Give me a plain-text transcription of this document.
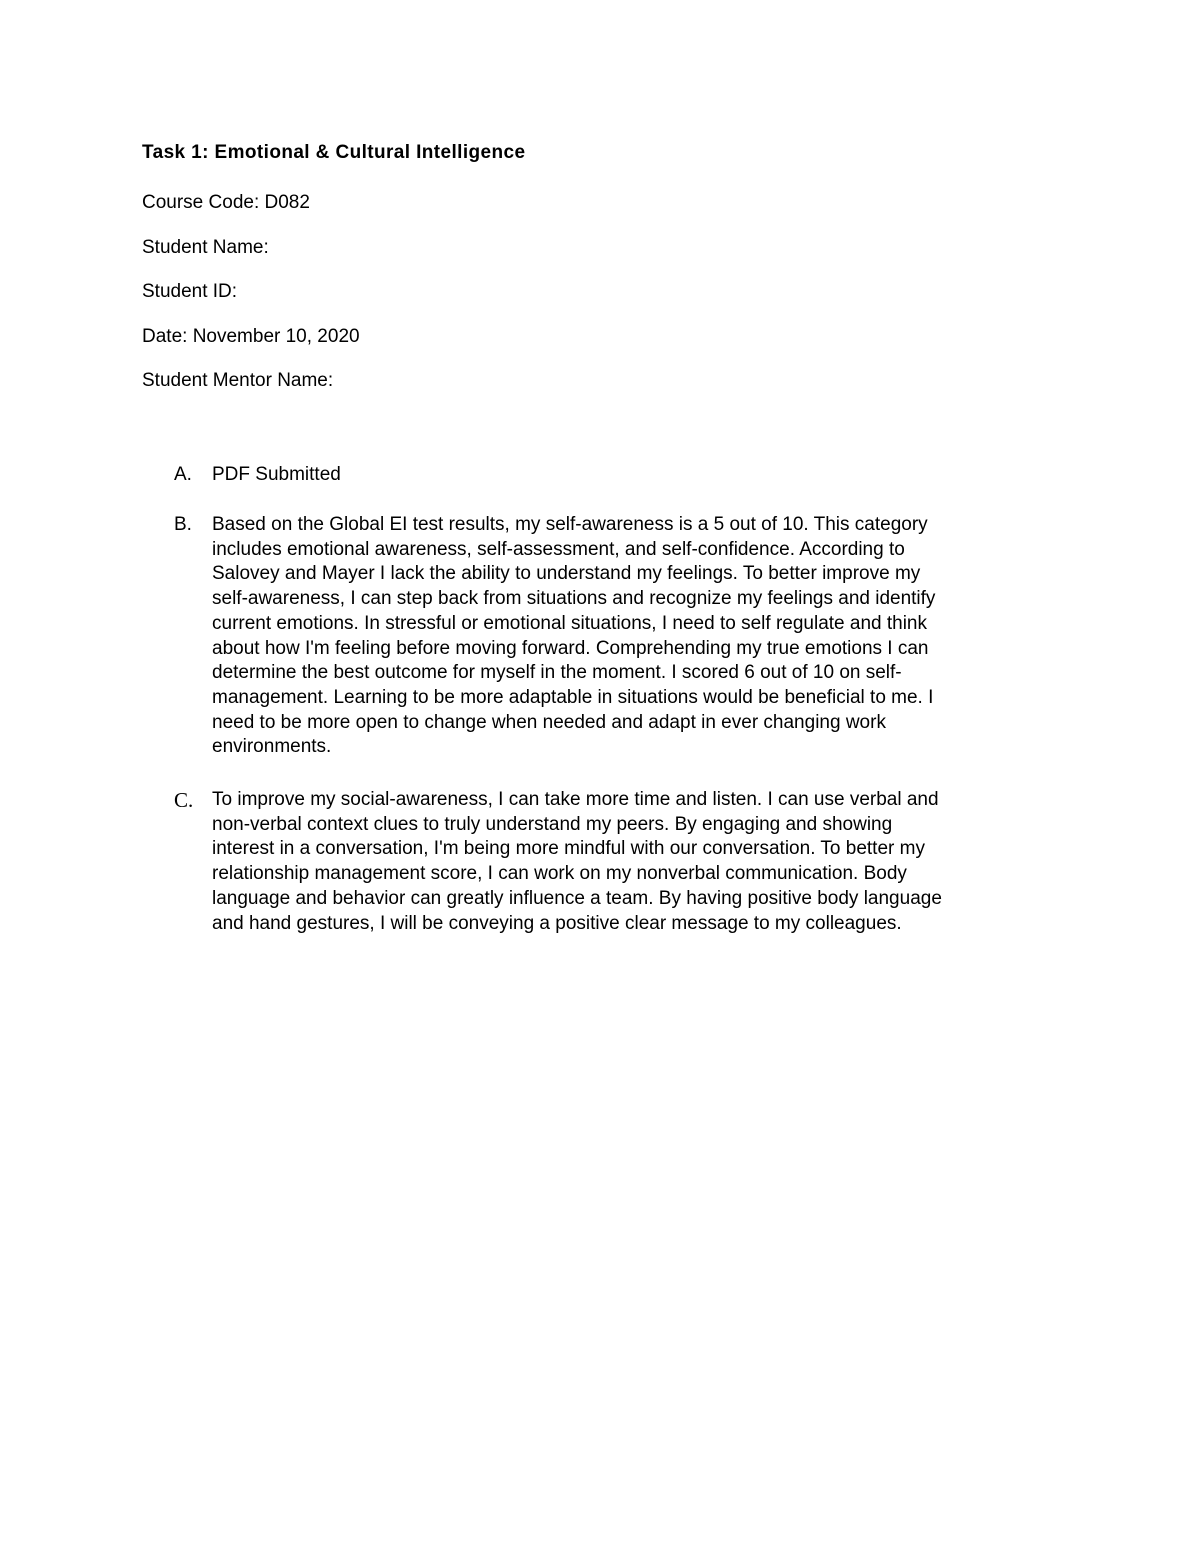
Task 1: Emotional & Cultural Intelligence
Course Code: D082
Student Name:
Student ID:
Date: November 10, 2020
Student Mentor Name:
A.	PDF Submitted
B.	Based on the Global EI test results, my self-awareness is a 5 out of 10. This category
includes emotional awareness, self-assessment, and self-confidence. According to
Salovey and Mayer I lack the ability to understand my feelings. To better improve my
self-awareness, I can step back from situations and recognize my feelings and identify
current emotions. In stressful or emotional situations, I need to self regulate and think
about how I'm feeling before moving forward. Comprehending my true emotions I can
determine the best outcome for myself in the moment. I scored 6 out of 10 on self-
management. Learning to be more adaptable in situations would be beneficial to me. I
need to be more open to change when needed and adapt in ever changing work
environments.
C. To improve my social-awareness, I can take more time and listen. I can use verbal and
non-verbal context clues to truly understand my peers. By engaging and showing
interest in a conversation, I'm being more mindful with our conversation. To better my
relationship management score, I can work on my nonverbal communication. Body
language and behavior can greatly influence a team. By having positive body language
and hand gestures, I will be conveying a positive clear message to my colleagues.
